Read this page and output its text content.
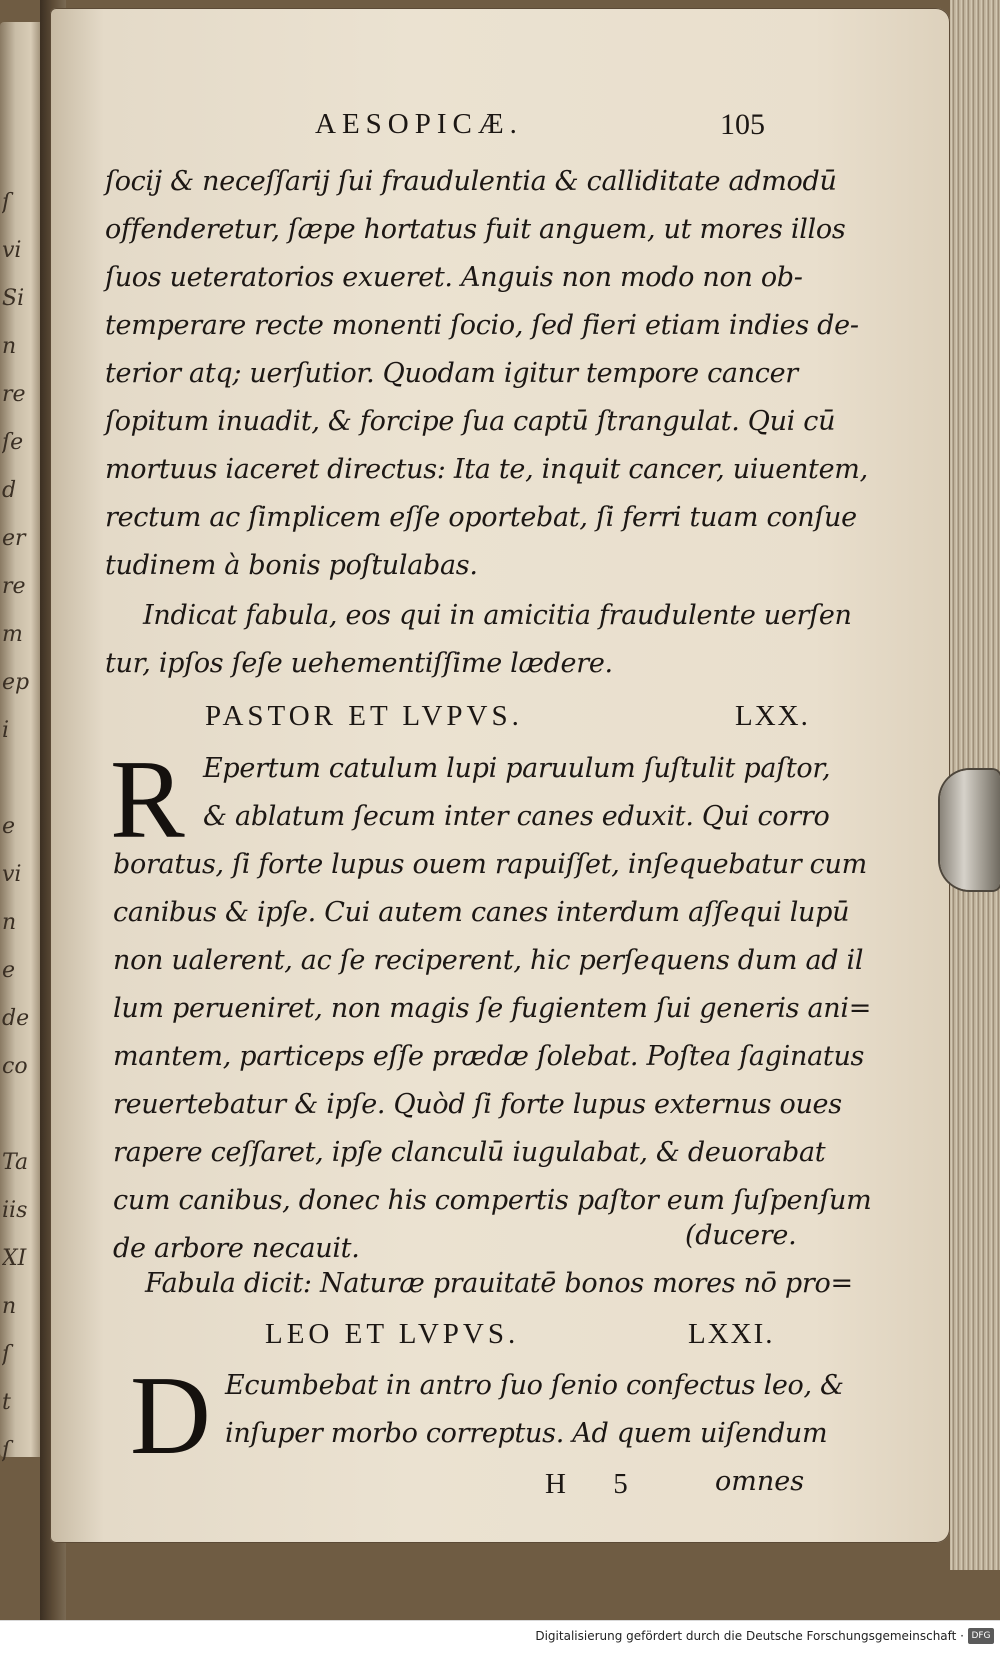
AESOPICÆ.	105
ſocij & neceſſarij ſui fraudulentia & calliditate admodū
offenderetur, ſæpe hortatus fuit anguem, ut mores illos
ſuos ueteratorios exueret. Anguis non modo non ob-
temperare recte monenti ſocio, ſed fieri etiam indies de-
terior atq; uerſutior. Quodam igitur tempore cancer
ſopitum inuadit, & forcipe ſua captū ſtrangulat. Qui cū
mortuus iaceret directus: Ita te, inquit cancer, uiuentem,
rectum ac ſimplicem eſſe oportebat, ſi ferri tuam conſue
tudinem à bonis poſtulabas.
Indicat fabula, eos qui in amicitia fraudulente uerſen
tur, ipſos ſeſe uehementiſſime lædere.
PASTOR ET LVPVS.	LXX.
R Epertum catulum lupi paruulum ſuſtulit paſtor,
& ablatum ſecum inter canes eduxit. Qui corro
boratus, ſi forte lupus ouem rapuiſſet, inſequebatur cum
canibus & ipſe. Cui autem canes interdum aſſequi lupū
non ualerent, ac ſe reciperent, hic perſequens dum ad il
lum perueniret, non magis ſe fugientem ſui generis ani=
mantem, particeps eſſe prædæ ſolebat. Poſtea ſaginatus
reuertebatur & ipſe. Quòd ſi forte lupus externus oues
rapere ceſſaret, ipſe clanculū iugulabat, & deuorabat
cum canibus, donec his compertis paſtor eum ſuſpenſum
de arbore necauit.	(ducere.
Fabula dicit: Naturæ prauitatē bonos mores nō pro=
LEO ET LVPVS.	LXXI.
D Ecumbebat in antro ſuo ſenio confectus leo, &
inſuper morbo correptus. Ad quem uiſendum
H 5 omnes
ſ
vi
Si
n
re
ſe
d
er
re
m
ep
i
e
vi
n
e
de
co
Ta
iis
XI
n
ſ
t
ſ
Digitalisierung gefördert durch die Deutsche Forschungsgemeinschaft · DFG
